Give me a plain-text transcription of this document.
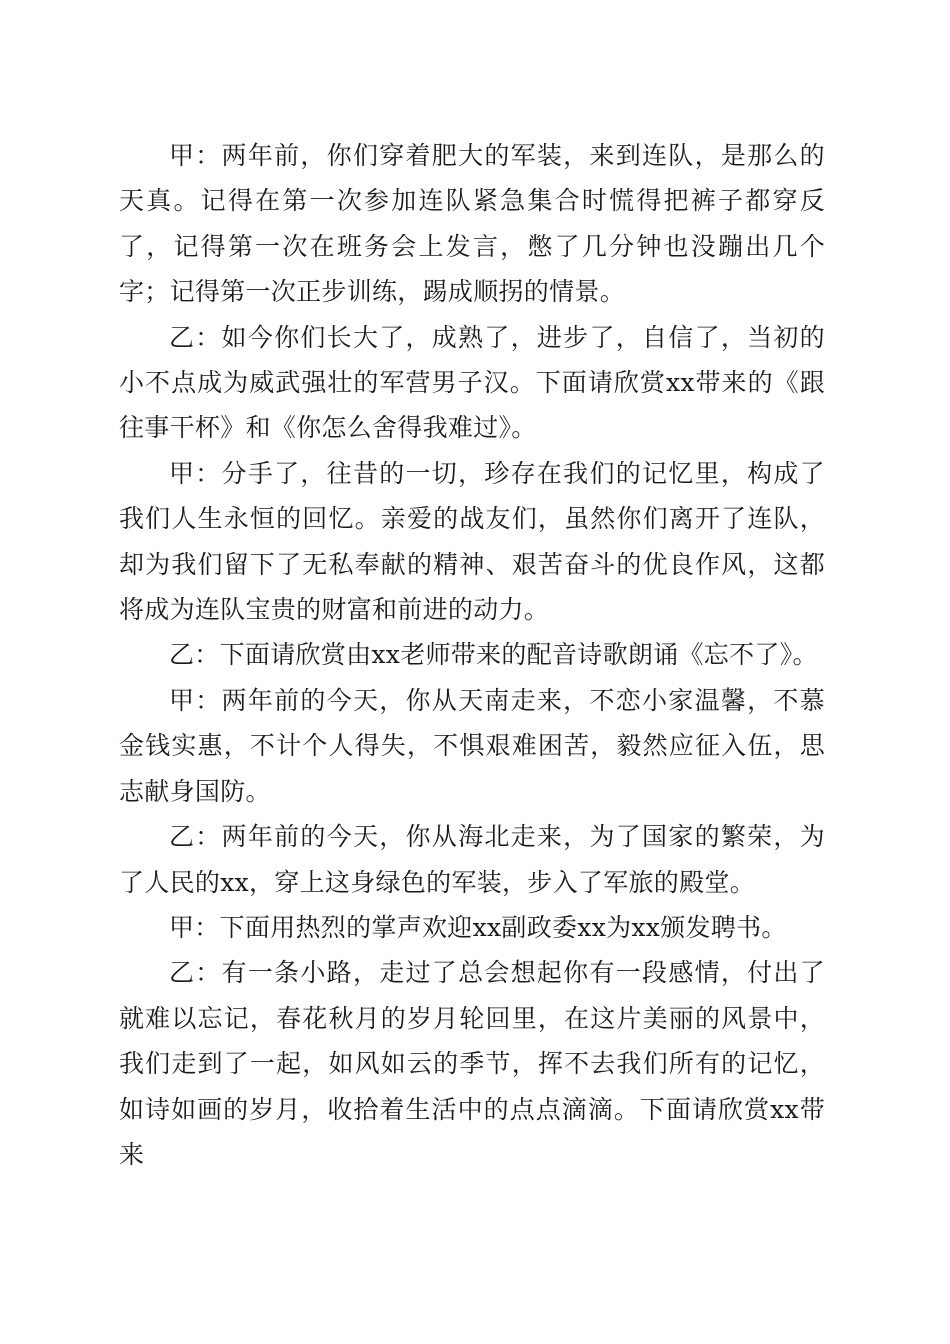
甲：两年前，你们穿着肥大的军装，来到连队，是那么的天真。记得在第一次参加连队紧急集合时慌得把裤子都穿反了，记得第一次在班务会上发言，憋了几分钟也没蹦出几个字；记得第一次正步训练，踢成顺拐的情景。

乙：如今你们长大了，成熟了，进步了，自信了，当初的小不点成为威武强壮的军营男子汉。下面请欣赏xx带来的《跟往事干杯》和《你怎么舍得我难过》。

甲：分手了，往昔的一切，珍存在我们的记忆里，构成了我们人生永恒的回忆。亲爱的战友们，虽然你们离开了连队，却为我们留下了无私奉献的精神、艰苦奋斗的优良作风，这都将成为连队宝贵的财富和前进的动力。

乙：下面请欣赏由xx老师带来的配音诗歌朗诵《忘不了》。

甲：两年前的今天，你从天南走来，不恋小家温馨，不慕金钱实惠，不计个人得失，不惧艰难困苦，毅然应征入伍，思志献身国防。

乙：两年前的今天，你从海北走来，为了国家的繁荣，为了人民的xx，穿上这身绿色的军装，步入了军旅的殿堂。

甲：下面用热烈的掌声欢迎xx副政委xx为xx颁发聘书。

乙：有一条小路，走过了总会想起你有一段感情，付出了就难以忘记，春花秋月的岁月轮回里，在这片美丽的风景中，我们走到了一起，如风如云的季节，挥不去我们所有的记忆，如诗如画的岁月，收拾着生活中的点点滴滴。下面请欣赏xx带来
